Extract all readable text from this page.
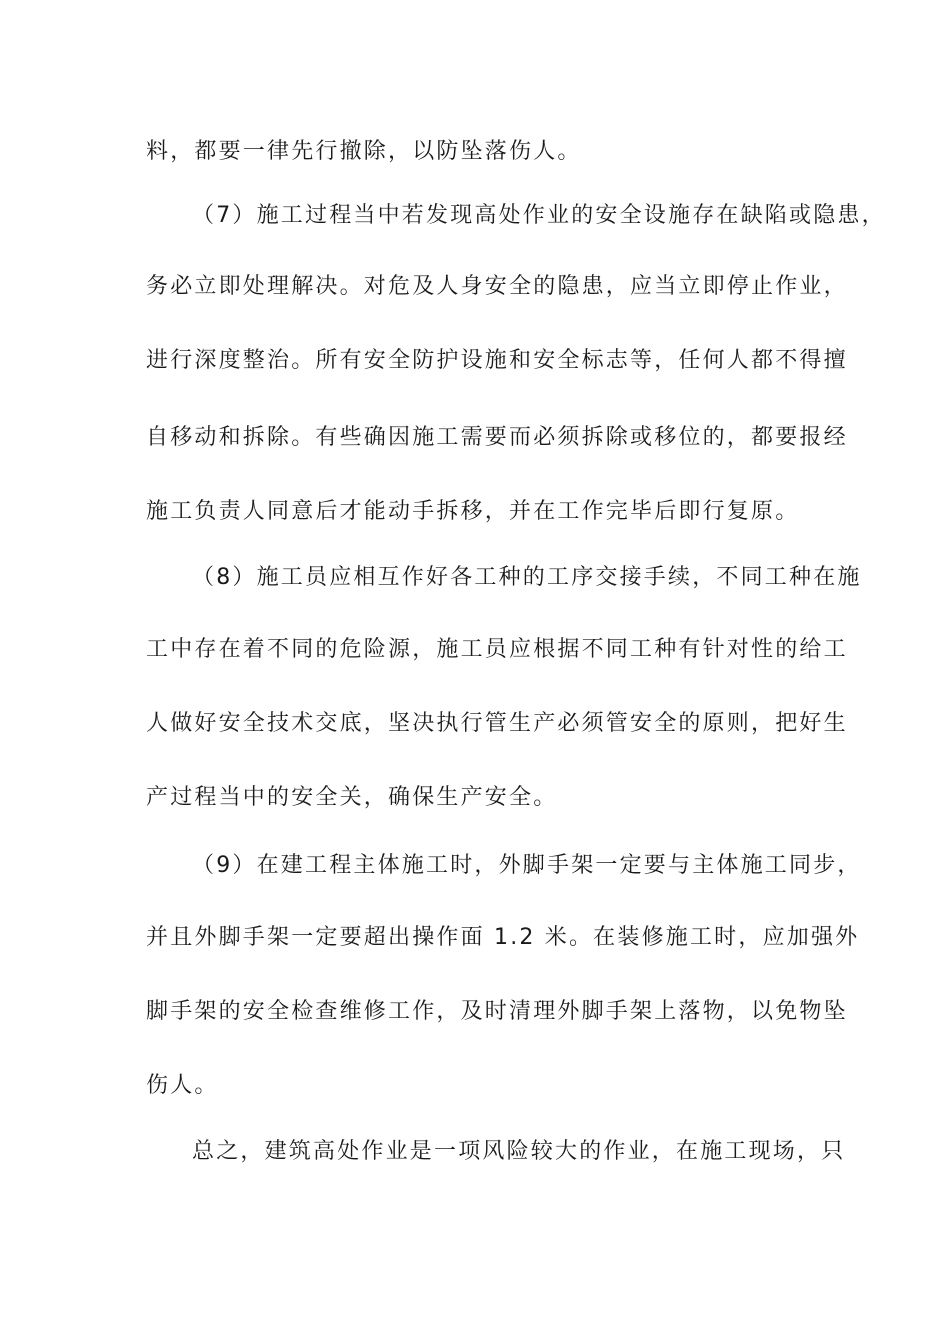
料，都要一律先行撤除，以防坠落伤人。
（7）施工过程当中若发现高处作业的安全设施存在缺陷或隐患，
务必立即处理解决。对危及人身安全的隐患，应当立即停止作业，
进行深度整治。所有安全防护设施和安全标志等，任何人都不得擅
自移动和拆除。有些确因施工需要而必须拆除或移位的，都要报经
施工负责人同意后才能动手拆移，并在工作完毕后即行复原。
（8）施工员应相互作好各工种的工序交接手续，不同工种在施
工中存在着不同的危险源，施工员应根据不同工种有针对性的给工
人做好安全技术交底，坚决执行管生产必须管安全的原则，把好生
产过程当中的安全关，确保生产安全。
（9）在建工程主体施工时，外脚手架一定要与主体施工同步，
并且外脚手架一定要超出操作面 1.2 米。在装修施工时，应加强外
脚手架的安全检查维修工作，及时清理外脚手架上落物，以免物坠
伤人。
总之，建筑高处作业是一项风险较大的作业，在施工现场，只
